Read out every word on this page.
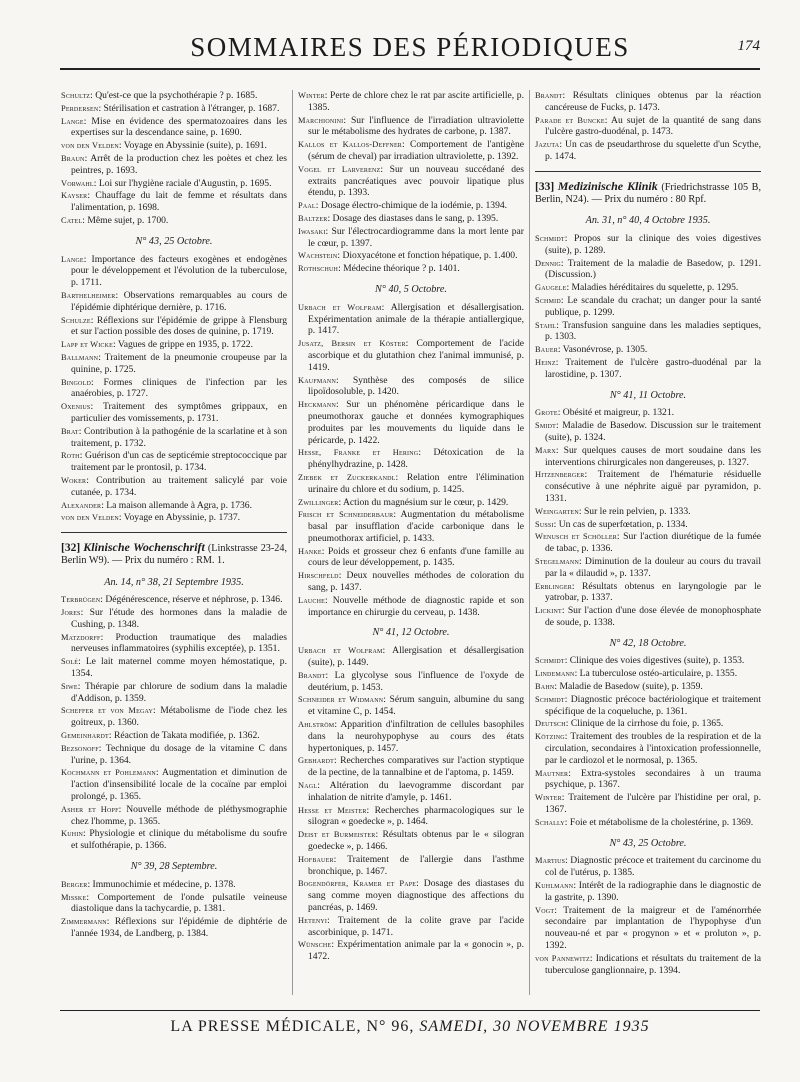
SOMMAIRES DES PÉRIODIQUES	174
Schultz: Qu'est-ce que la psychothérapie ? p. 1685.
Perdersen: Stérilisation et castration à l'étranger, p. 1687.
Lange: Mise en évidence des spermatozoaires dans les expertises sur la descendance saine, p. 1690.
von den Velden: Voyage en Abyssinie (suite), p. 1691.
Braun: Arrêt de la production chez les poètes et chez les peintres, p. 1693.
Vorwahl: Loi sur l'hygiène raciale d'Augustin, p. 1695.
Kayser: Chauffage du lait de femme et résultats dans l'alimentation, p. 1698.
Catel: Même sujet, p. 1700.
N° 43, 25 Octobre.
Lange: Importance des facteurs exogènes et endogènes pour le développement et l'évolution de la tuberculose, p. 1711.
Barthelheimer: Observations remarquables au cours de l'épidémie diphtérique dernière, p. 1716.
Schulze: Réflexions sur l'épidémie de grippe à Flensburg et sur l'action possible des doses de quinine, p. 1719.
Lapp et Wicke: Vagues de grippe en 1935, p. 1722.
Ballmann: Traitement de la pneumonie croupeuse par la quinine, p. 1725.
Bingold: Formes cliniques de l'infection par les anaérobies, p. 1727.
Oxenius: Traitement des symptômes grippaux, en particulier des vomissements, p. 1731.
Brat: Contribution à la pathogénie de la scarlatine et à son traitement, p. 1732.
Roth: Guérison d'un cas de septicémie streptococcique par traitement par le prontosil, p. 1734.
Woker: Contribution au traitement salicylé par voie cutanée, p. 1734.
Alexander: La maison allemande à Agra, p. 1736.
von den Velden: Voyage en Abyssinie, p. 1737.
[32] Klinische Wochenschrift (Linkstrasse 23-24, Berlin W9). — Prix du numéro : RM. 1.
An. 14, n° 38, 21 Septembre 1935.
Terbrügen: Dégénérescence, réserve et néphrose, p. 1346.
Jores: Sur l'étude des hormones dans la maladie de Cushing, p. 1348.
Matzdorff: Production traumatique des maladies nerveuses inflammatoires (syphilis exceptée), p. 1351.
Solé: Le lait maternel comme moyen hémostatique, p. 1354.
Siwe: Thérapie par chlorure de sodium dans la maladie d'Addison, p. 1359.
Scheffer et von Megay: Métabolisme de l'iode chez les goitreux, p. 1360.
Gemeinhardt: Réaction de Takata modifiée, p. 1362.
Bezsonoff: Technique du dosage de la vitamine C dans l'urine, p. 1364.
Kochmann et Pohlemann: Augmentation et diminution de l'action d'insensibilité locale de la cocaïne par emploi prolongé, p. 1365.
Asher et Hopf: Nouvelle méthode de pléthysmographie chez l'homme, p. 1365.
Kuhin: Physiologie et clinique du métabolisme du soufre et sulfothérapie, p. 1366.
N° 39, 28 Septembre.
Berger: Immunochimie et médecine, p. 1378.
Misske: Comportement de l'onde pulsatile veineuse diastolique dans la tachycardie, p. 1381.
Zimmermann: Réflexions sur l'épidémie de diphtérie de l'année 1934, de Landberg, p. 1384.
Winter: Perte de chlore chez le rat par ascite artificielle, p. 1385.
Marchionini: Sur l'influence de l'irradiation ultraviolette sur le métabolisme des hydrates de carbone, p. 1387.
Kallos et Kallos-Deffner: Comportement de l'antigène (sérum de cheval) par irradiation ultraviolette, p. 1392.
Vogel et Larverenz: Sur un nouveau succédané des extraits pancréatiques avec pouvoir lipatique plus étendu, p. 1393.
Paal: Dosage électro-chimique de la iodémie, p. 1394.
Baltzer: Dosage des diastases dans le sang, p. 1395.
Iwasaki: Sur l'électrocardiogramme dans la mort lente par le cœur, p. 1397.
Wachstein: Dioxyacétone et fonction hépatique, p. 1.400.
Rothschuh: Médecine théorique ? p. 1401.
N° 40, 5 Octobre.
Urbach et Wolfram: Allergisation et désallergisation. Expérimentation animale de la thérapie antiallergique, p. 1417.
Jusatz, Bersin et Köster: Comportement de l'acide ascorbique et du glutathion chez l'animal immunisé, p. 1419.
Kaufmann: Synthèse des composés de silice lipoïdosoluble, p. 1420.
Heckmann: Sur un phénomène péricardique dans le pneumothorax gauche et données kymographiques produites par les mouvements du liquide dans le péricarde, p. 1422.
Hesse, Franke et Hering: Détoxication de la phénylhydrazine, p. 1428.
Ziebek et Zuckerkandl: Relation entre l'élimination urinaire du chlore et du sodium, p. 1425.
Zwillinger: Action du magnésium sur le cœur, p. 1429.
Frisch et Schneiderbaur: Augmentation du métabolisme basal par insufflation d'acide carbonique dans le pneumothorax artificiel, p. 1433.
Hanke: Poids et grosseur chez 6 enfants d'une famille au cours de leur développement, p. 1435.
Hirschfeld: Deux nouvelles méthodes de coloration du sang, p. 1437.
Lauche: Nouvelle méthode de diagnostic rapide et son importance en chirurgie du cerveau, p. 1438.
N° 41, 12 Octobre.
Urbach et Wolfram: Allergisation et désallergisation (suite), p. 1449.
Brandt: La glycolyse sous l'influence de l'oxyde de deutérium, p. 1453.
Schneider et Widmann: Sérum sanguin, albumine du sang et vitamine C, p. 1454.
Ahlström: Apparition d'infiltration de cellules basophiles dans la neurohypophyse au cours des états hypertoniques, p. 1457.
Gebhardt: Recherches comparatives sur l'action styptique de la pectine, de la tannalbine et de l'aptoma, p. 1459.
Nagl: Altération du laevogramme discordant par inhalation de nitrite d'amyle, p. 1461.
Hesse et Meister: Recherches pharmacologiques sur le silogran « goedecke », p. 1464.
Deist et Burmeister: Résultats obtenus par le « silogran goedecke », p. 1466.
Hofbauer: Traitement de l'allergie dans l'asthme bronchique, p. 1467.
Bogendörfer, Kramer et Pape: Dosage des diastases du sang comme moyen diagnostique des affections du pancréas, p. 1469.
Hetenyi: Traitement de la colite grave par l'acide ascorbinique, p. 1471.
Wünsche: Expérimentation animale par la « gonocin », p. 1472.
Brandt: Résultats cliniques obtenus par la réaction cancéreuse de Fucks, p. 1473.
Parade et Buncke: Au sujet de la quantité de sang dans l'ulcère gastro-duodénal, p. 1473.
Jazuta: Un cas de pseudarthrose du squelette d'un Scythe, p. 1474.
[33] Medizinische Klinik (Friedrichstrasse 105 B, Berlin, N24). — Prix du numéro : 80 Rpf.
An. 31, n° 40, 4 Octobre 1935.
Schmidt: Propos sur la clinique des voies digestives (suite), p. 1289.
Dennig: Traitement de la maladie de Basedow, p. 1291. (Discussion.)
Gaugele: Maladies héréditaires du squelette, p. 1295.
Schmid: Le scandale du crachat; un danger pour la santé publique, p. 1299.
Stahl: Transfusion sanguine dans les maladies septiques, p. 1303.
Bauer: Vasonévrose, p. 1305.
Heinz: Traitement de l'ulcère gastro-duodénal par la larostidine, p. 1307.
N° 41, 11 Octobre.
Grote: Obésité et maigreur, p. 1321.
Smidt: Maladie de Basedow. Discussion sur le traitement (suite), p. 1324.
Marx: Sur quelques causes de mort soudaine dans les interventions chirurgicales non dangereuses, p. 1327.
Hitzenberger: Traitement de l'hématurie résiduelle consécutive à une néphrite aiguë par pyramidon, p. 1331.
Weingarten: Sur le rein pelvien, p. 1333.
Sussi: Un cas de superfœtation, p. 1334.
Wenusch et Schöller: Sur l'action diurétique de la fumée de tabac, p. 1336.
Stegelmann: Diminution de la douleur au cours du travail par la « dilaudid », p. 1337.
Erblinger: Résultats obtenus en laryngologie par le yatrobar, p. 1337.
Lickint: Sur l'action d'une dose élevée de monophosphate de soude, p. 1338.
N° 42, 18 Octobre.
Schmidt: Clinique des voies digestives (suite), p. 1353.
Lindemann: La tuberculose ostéo-articulaire, p. 1355.
Bahn: Maladie de Basedow (suite), p. 1359.
Schmidt: Diagnostic précoce bactériologique et traitement spécifique de la coqueluche, p. 1361.
Deutsch: Clinique de la cirrhose du foie, p. 1365.
Kötzing: Traitement des troubles de la respiration et de la circulation, secondaires à l'intoxication professionnelle, par le cardiozol et le normosal, p. 1365.
Mautner: Extra-systoles secondaires à un trauma psychique, p. 1367.
Winter: Traitement de l'ulcère par l'histidine per oral, p. 1367.
Schally: Foie et métabolisme de la cholestérine, p. 1369.
N° 43, 25 Octobre.
Martius: Diagnostic précoce et traitement du carcinome du col de l'utérus, p. 1385.
Kuhlmann: Intérêt de la radiographie dans le diagnostic de la gastrite, p. 1390.
Vogt: Traitement de la maigreur et de l'aménorrhée secondaire par implantation de l'hypophyse d'un nouveau-né et par « progynon » et « proluton », p. 1392.
von Pannewitz: Indications et résultats du traitement de la tuberculose ganglionnaire, p. 1394.
LA PRESSE MÉDICALE, N° 96, SAMEDI, 30 NOVEMBRE 1935
